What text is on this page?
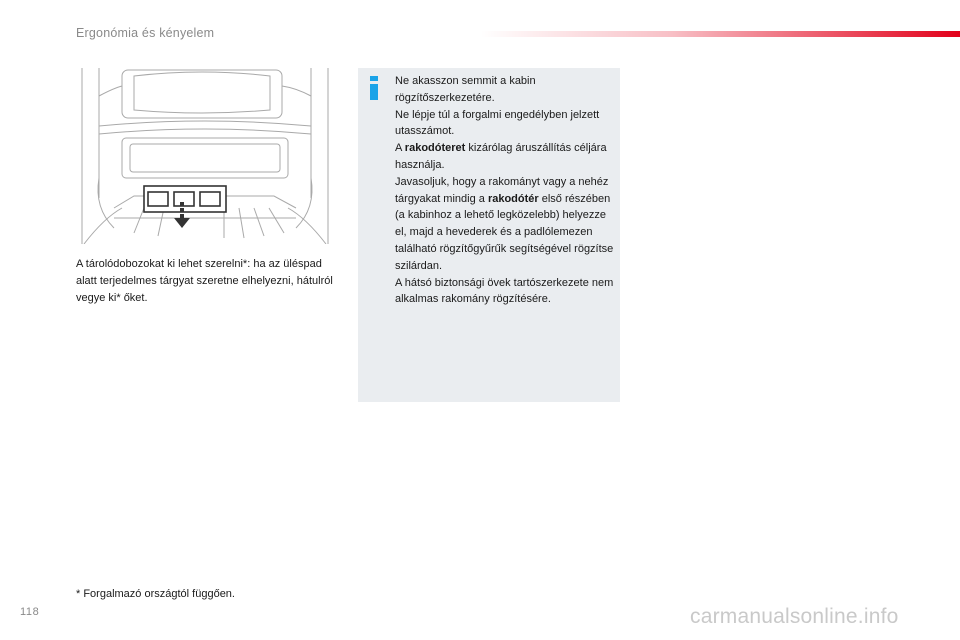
Ergonómia és kényelem
A tárolódobozokat ki lehet szerelni*: ha az üléspad alatt terjedelmes tárgyat szeretne elhelyezni, hátulról vegye ki* őket.

Ne akasszon semmit a kabin rögzítőszerkezetére.

Ne lépje túl a forgalmi engedélyben jelzett utasszámot.

A rakodóteret kizárólag áruszállítás céljára használja.

Javasoljuk, hogy a rakományt vagy a nehéz tárgyakat mindig a rakodótér első részében (a kabinhoz a lehető legközelebb) helyezze el, majd a hevederek és a padlólemezen található rögzítőgyűrűk segítségével rögzítse szilárdan.

A hátsó biztonsági övek tartószerkezete nem alkalmas rakomány rögzítésére.

* Forgalmazó országtól függően.
118	carmanualsonline.info
